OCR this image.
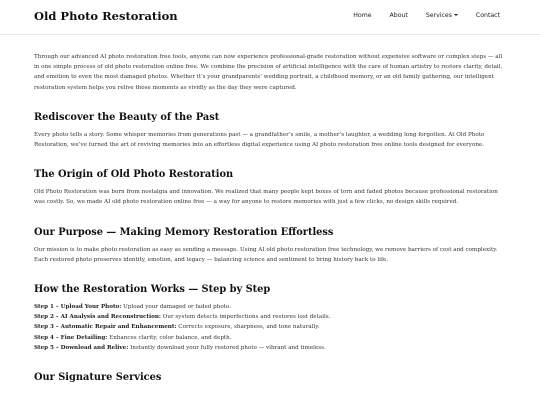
Old Photo Restoration	Home	About	Services	Contact

Through our advanced AI photo restoration free tools, anyone can now experience professional-grade restoration without expensive software or complex steps — all in one simple process of old photo restoration online free. We combine the precision of artificial intelligence with the care of human artistry to restore clarity, detail, and emotion to even the most damaged photos. Whether it’s your grandparents’ wedding portrait, a childhood memory, or an old family gathering, our intelligent restoration system helps you relive those moments as vividly as the day they were captured.

Rediscover the Beauty of the Past

Every photo tells a story. Some whisper memories from generations past — a grandfather’s smile, a mother’s laughter, a wedding long forgotten. At Old Photo Restoration, we’ve turned the art of reviving memories into an effortless digital experience using AI photo restoration free online tools designed for everyone.

The Origin of Old Photo Restoration

Old Photo Restoration was born from nostalgia and innovation. We realized that many people kept boxes of torn and faded photos because professional restoration was costly. So, we made AI old photo restoration online free — a way for anyone to restore memories with just a few clicks, no design skills required.

Our Purpose — Making Memory Restoration Effortless

Our mission is to make photo restoration as easy as sending a message. Using AI old photo restoration free technology, we remove barriers of cost and complexity. Each restored photo preserves identity, emotion, and legacy — balancing science and sentiment to bring history back to life.

How the Restoration Works — Step by Step
Step 1 – Upload Your Photo: Upload your damaged or faded photo.
Step 2 – AI Analysis and Reconstruction: Our system detects imperfections and restores lost details.
Step 3 – Automatic Repair and Enhancement: Corrects exposure, sharpness, and tone naturally.
Step 4 – Fine Detailing: Enhances clarity, color balance, and depth.
Step 5 – Download and Relive: Instantly download your fully restored photo — vibrant and timeless.
Our Signature Services
